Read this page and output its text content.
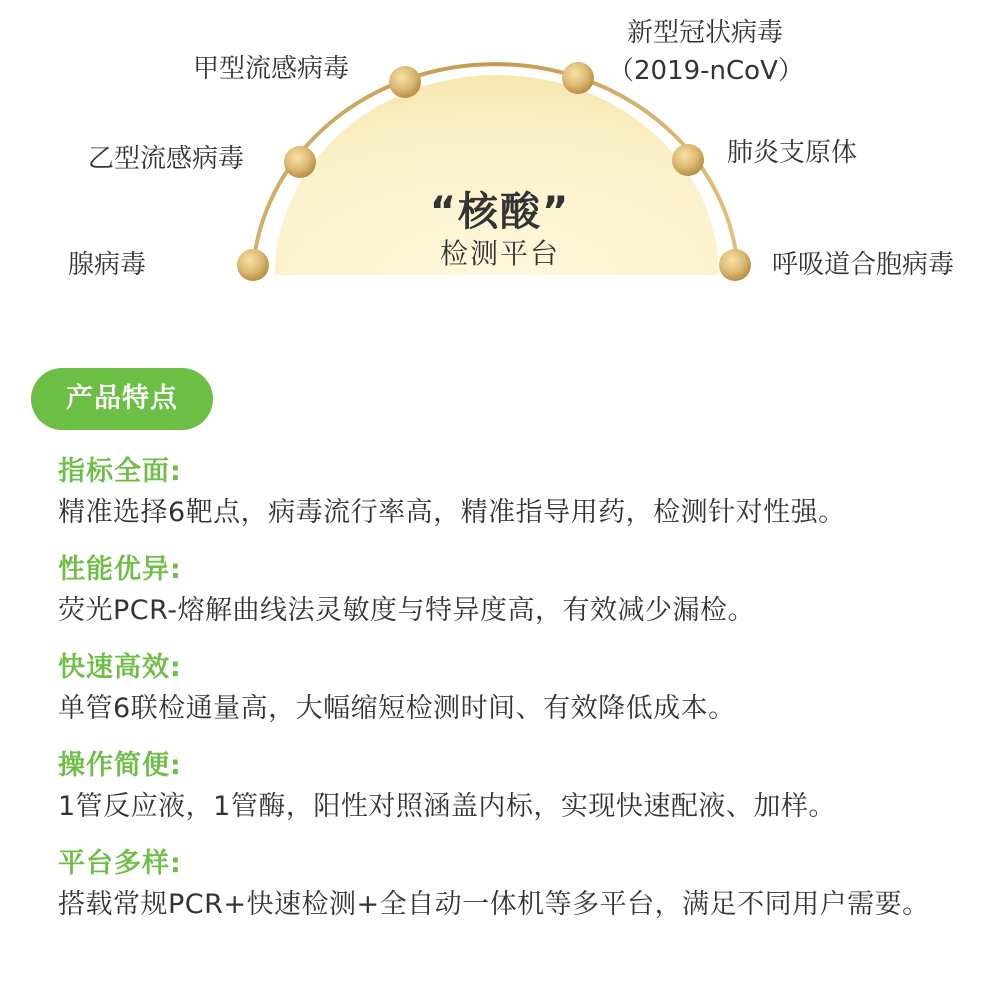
腺病毒
乙型流感病毒
甲型流感病毒
新型冠状病毒
（2019-nCoV）
肺炎支原体
呼吸道合胞病毒
“核酸”
检测平台
产品特点
指标全面:
精准选择6靶点，病毒流行率高，精准指导用药，检测针对性强。
性能优异:
荧光PCR-熔解曲线法灵敏度与特异度高，有效减少漏检。
快速高效:
单管6联检通量高，大幅缩短检测时间、有效降低成本。
操作简便:
1管反应液，1管酶，阳性对照涵盖内标，实现快速配液、加样。
平台多样:
搭载常规PCR+快速检测+全自动一体机等多平台，满足不同用户需要。
